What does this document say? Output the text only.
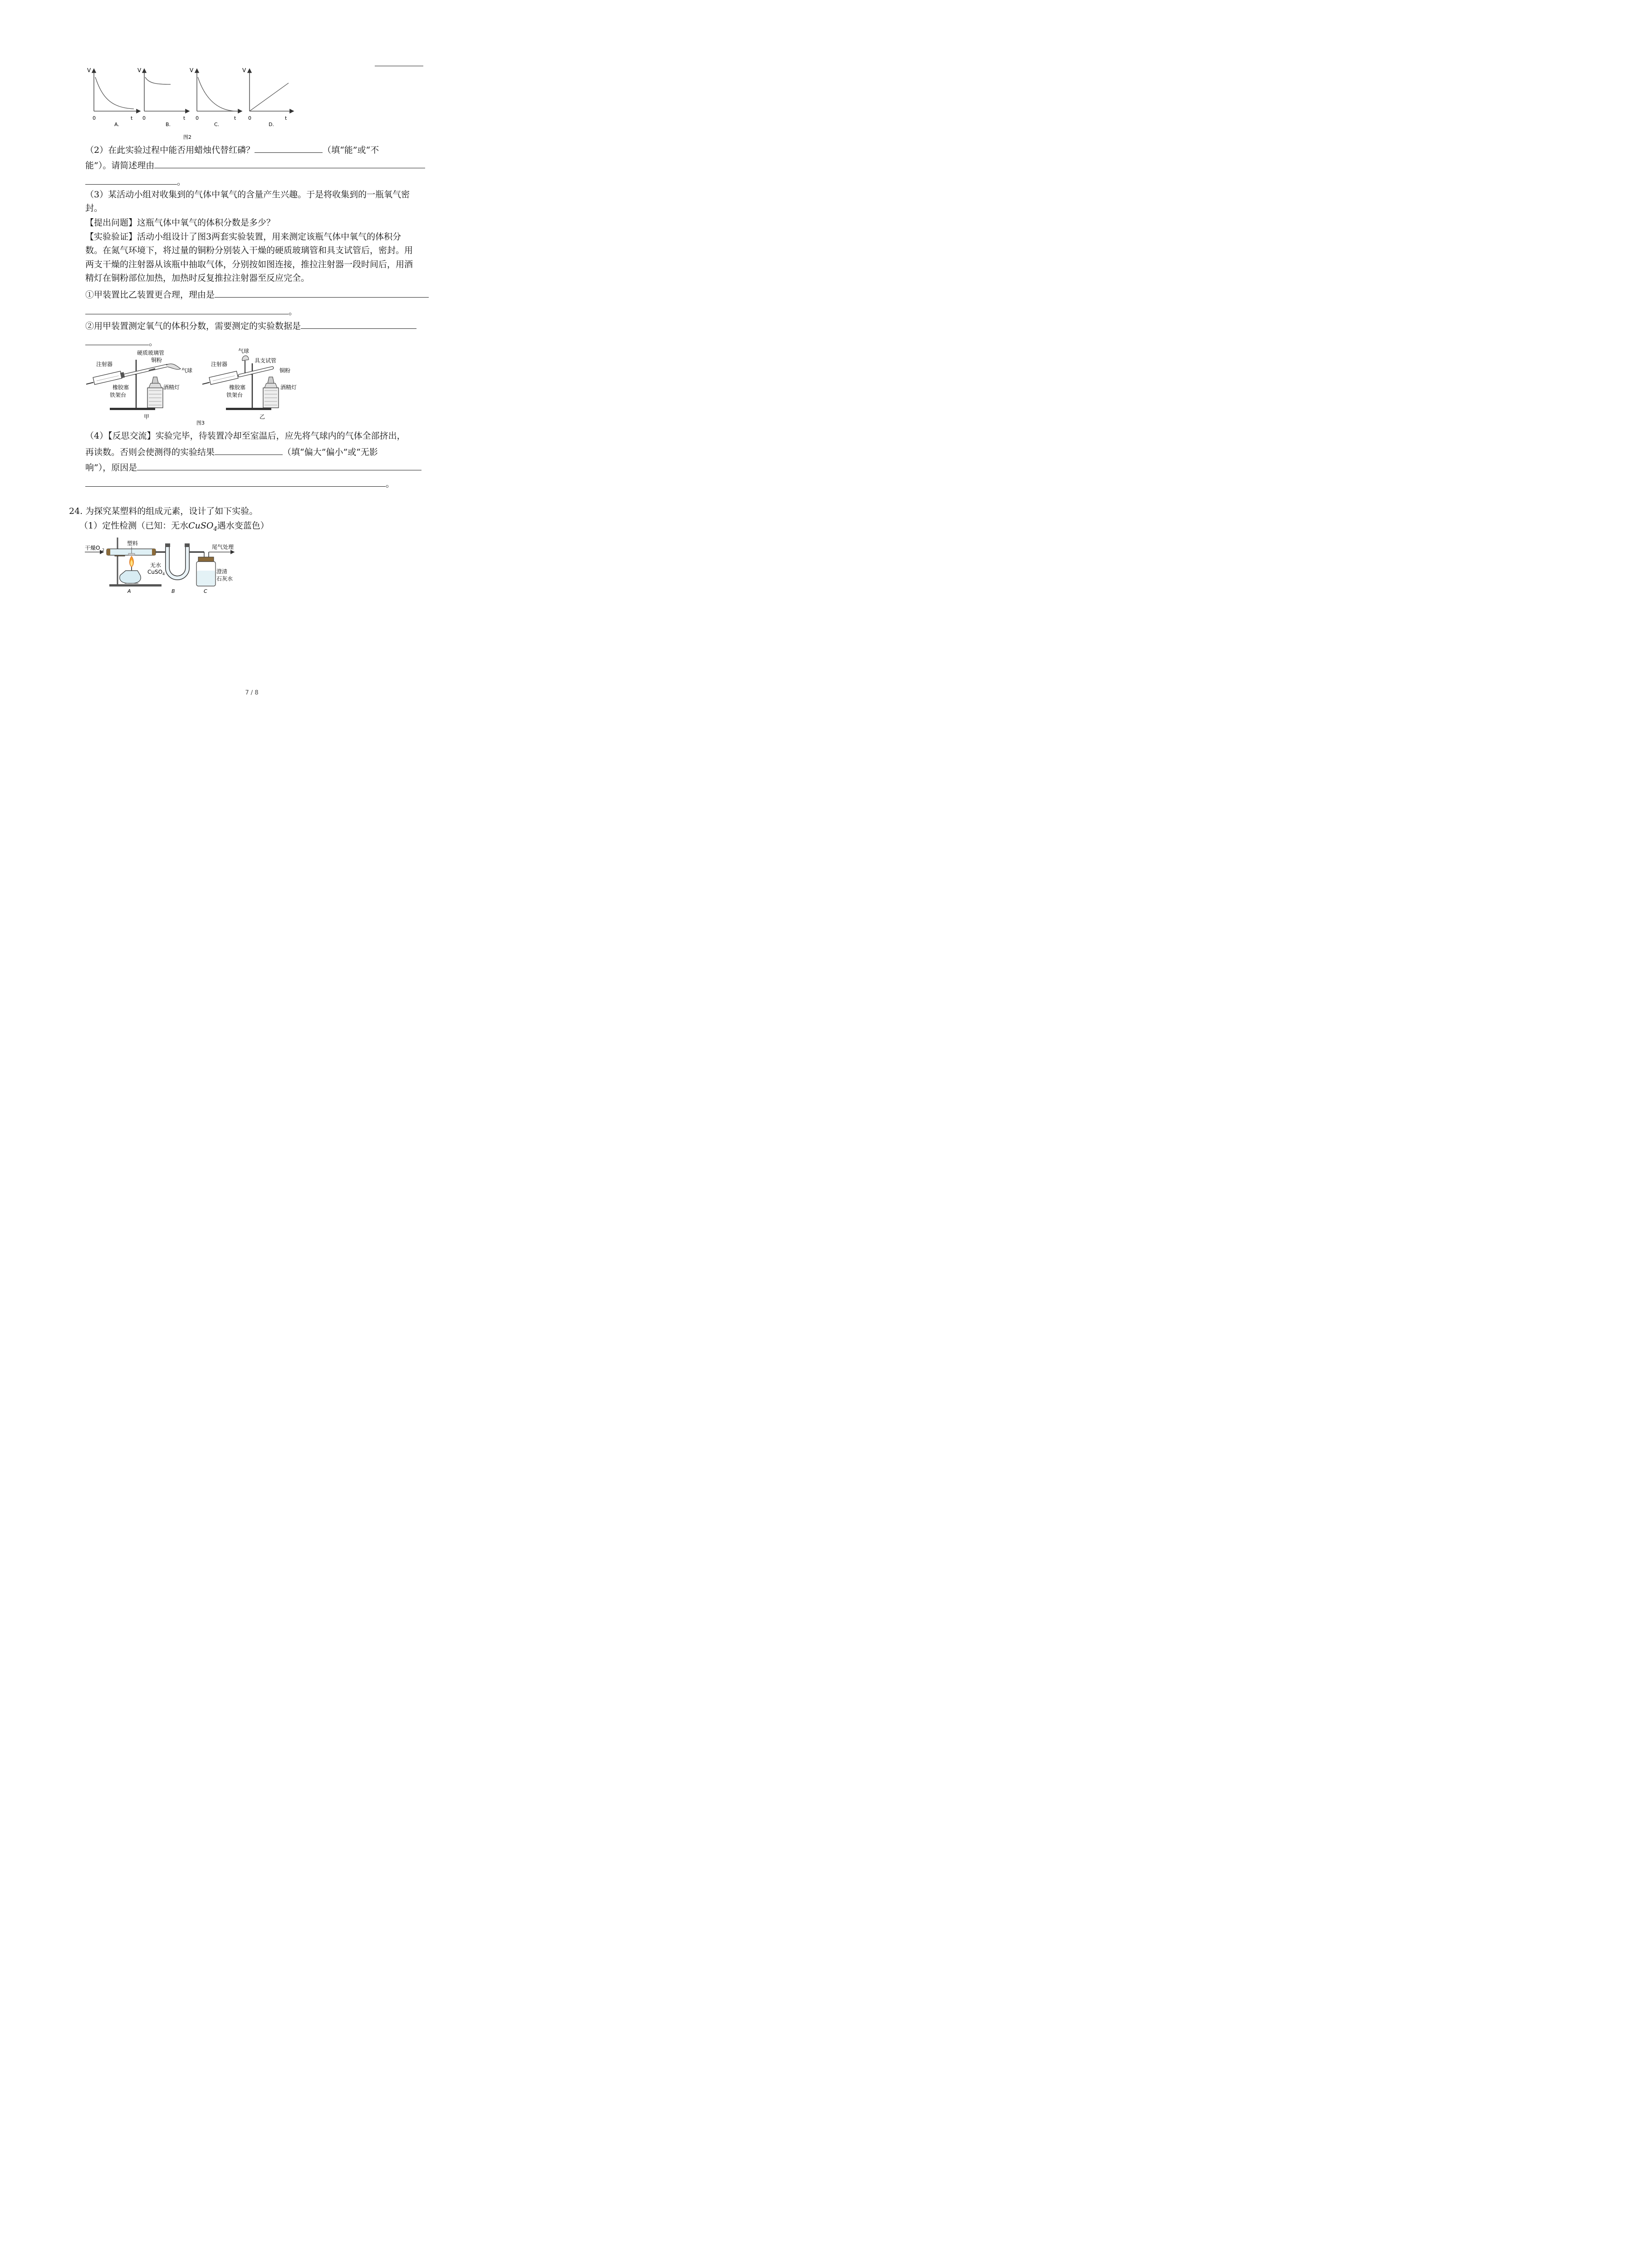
V
0	t
A.
V
0	t
B.
V
0	t
C.
V
0	t
D.
图2
（2）在此实验过程中能否用蜡烛代替红磷？	（填“能”或“不
能”）。请简述理由
。
（3）某活动小组对收集到的气体中氧气的含量产生兴趣。于是将收集到的一瓶氧气密
封。
【提出问题】这瓶气体中氧气的体积分数是多少？
【实验验证】活动小组设计了图3两套实验装置，用来测定该瓶气体中氧气的体积分
数。在氮气环境下，将过量的铜粉分别装入干燥的硬质玻璃管和具支试管后，密封。用
两支干燥的注射器从该瓶中抽取气体，分别按如图连接，推拉注射器一段时间后，用酒
精灯在铜粉部位加热，加热时反复推拉注射器至反应完全。
①甲装置比乙装置更合理，理由是
。
②用甲装置测定氧气的体积分数，需要测定的实验数据是
。
注射器
硬质玻璃管
铜粉
气球
橡胶塞
铁架台
酒精灯
甲
注射器
气球
具支试管
铜粉
橡胶塞
铁架台
酒精灯
乙
图3
（4）【反思交流】实验完毕，待装置冷却至室温后，应先将气球内的气体全部挤出，
再读数。否则会使测得的实验结果	（填“偏大”偏小”或“无影
响”），原因是
。
24. 为探究某塑料的组成元素，设计了如下实验。
（1）定性检测（已知：无水CuSO$_4$遇水变蓝色）
干燥O 2
塑料
无水
CuSO 4
尾气处理
澄清
石灰水
A	B	C
7 / 8
